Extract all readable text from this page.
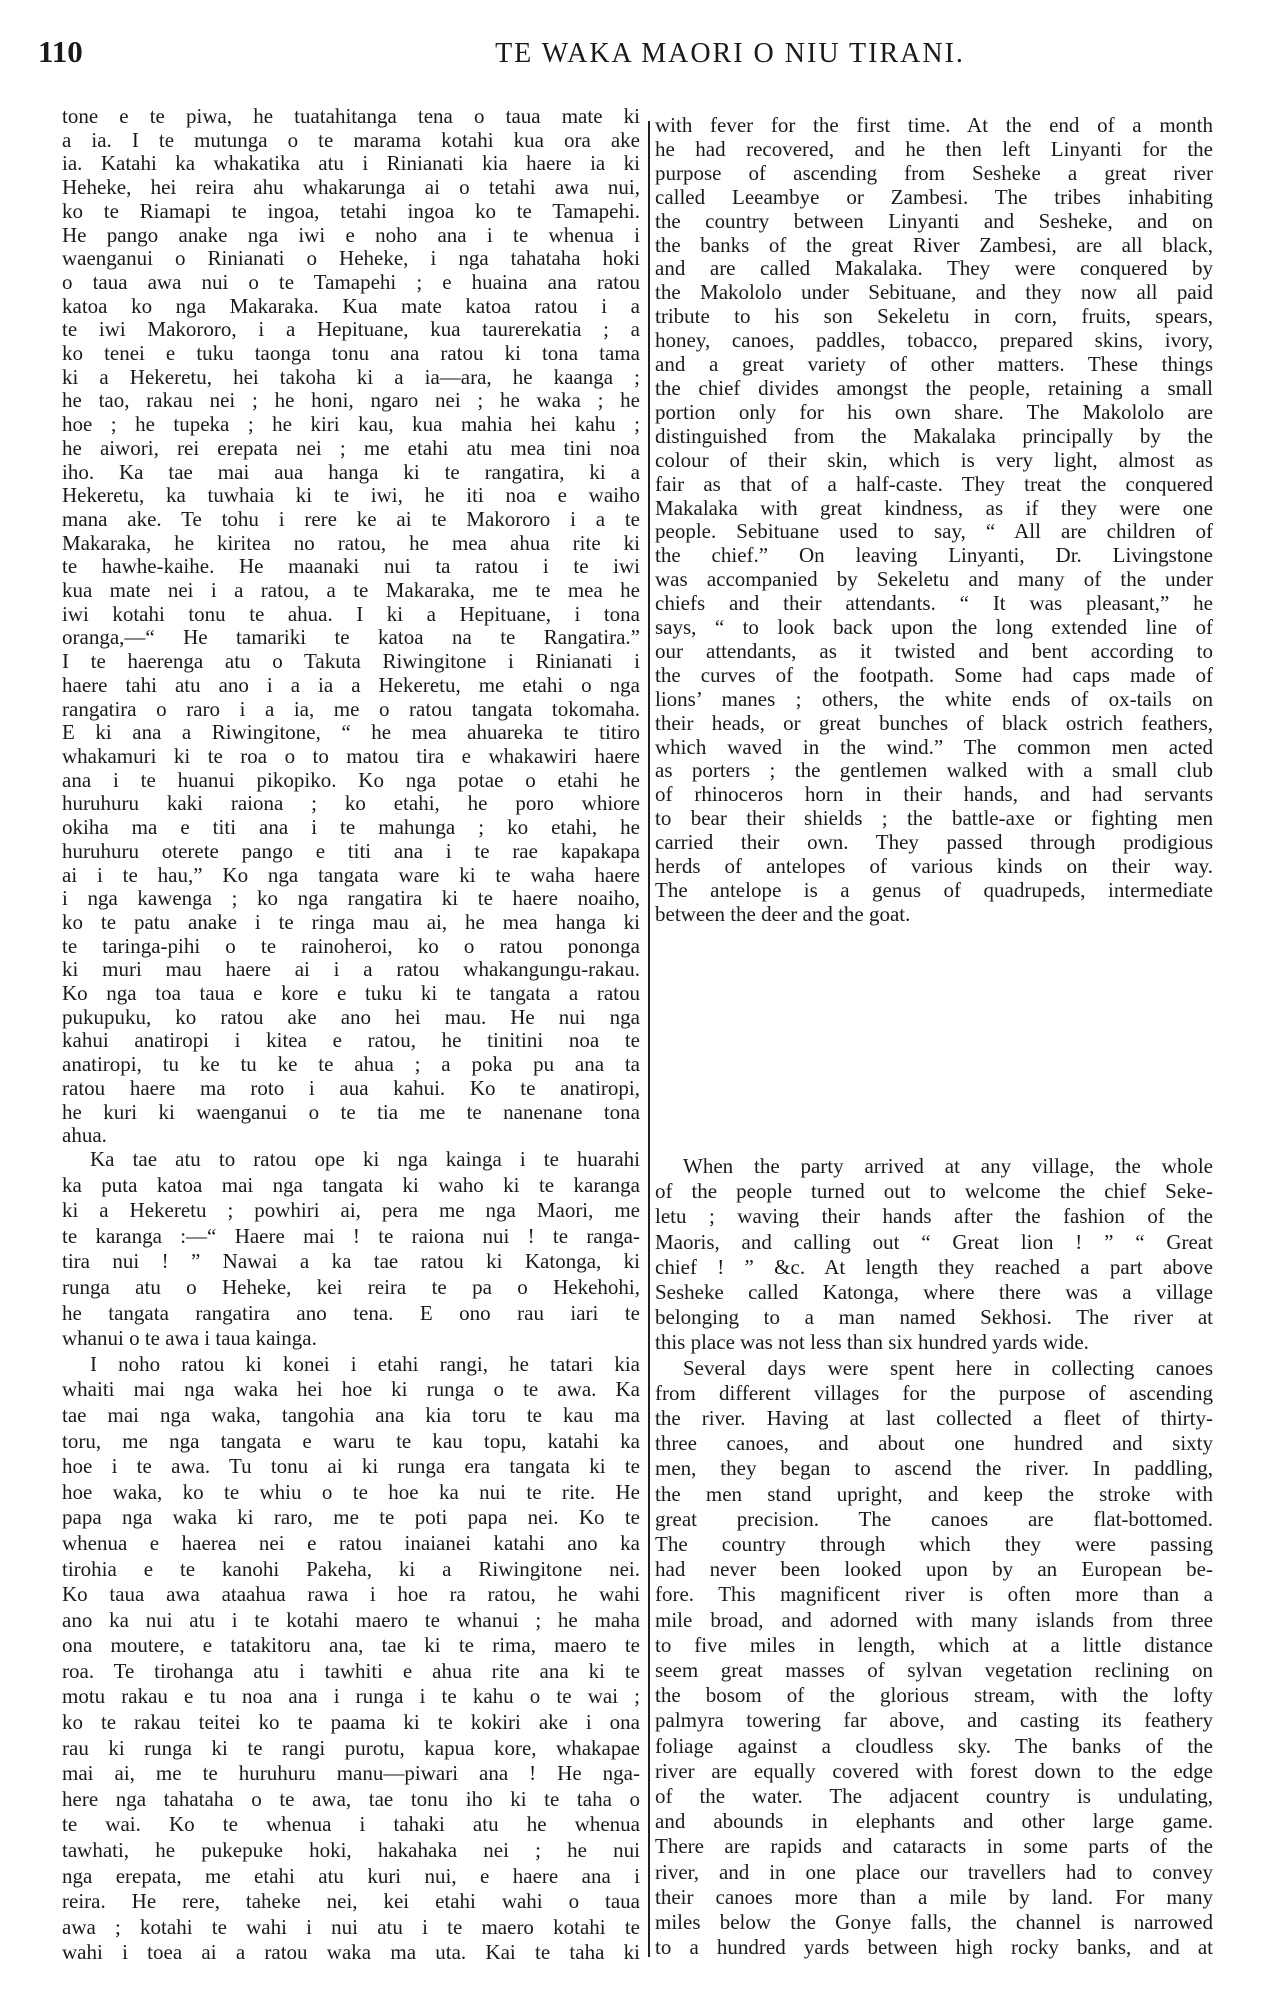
110	TE WAKA MAORI O NIU TIRANI.
tone e te piwa, he tuatahitanga tena o taua mate ki
a ia. I te mutunga o te marama kotahi kua ora ake
ia. Katahi ka whakatika atu i Rinianati kia haere ia ki
Heheke, hei reira ahu whakarunga ai o tetahi awa nui,
ko te Riamapi te ingoa, tetahi ingoa ko te Tamapehi.
He pango anake nga iwi e noho ana i te whenua i
waenganui o Rinianati o Heheke, i nga tahataha hoki
o taua awa nui o te Tamapehi ; e huaina ana ratou
katoa ko nga Makaraka. Kua mate katoa ratou i a
te iwi Makororo, i a Hepituane, kua taurerekatia ; a
ko tenei e tuku taonga tonu ana ratou ki tona tama
ki a Hekeretu, hei takoha ki a ia—ara, he kaanga ;
he tao, rakau nei ; he honi, ngaro nei ; he waka ; he
hoe ; he tupeka ; he kiri kau, kua mahia hei kahu ;
he aiwori, rei erepata nei ; me etahi atu mea tini noa
iho. Ka tae mai aua hanga ki te rangatira, ki a
Hekeretu, ka tuwhaia ki te iwi, he iti noa e waiho
mana ake. Te tohu i rere ke ai te Makororo i a te
Makaraka, he kiritea no ratou, he mea ahua rite ki
te hawhe-kaihe. He maanaki nui ta ratou i te iwi
kua mate nei i a ratou, a te Makaraka, me te mea he
iwi kotahi tonu te ahua. I ki a Hepituane, i tona
oranga,—“ He tamariki te katoa na te Rangatira.”
I te haerenga atu o Takuta Riwingitone i Rinianati i
haere tahi atu ano i a ia a Hekeretu, me etahi o nga
rangatira o raro i a ia, me o ratou tangata tokomaha.
E ki ana a Riwingitone, “ he mea ahuareka te titiro
whakamuri ki te roa o to matou tira e whakawiri haere
ana i te huanui pikopiko. Ko nga potae o etahi he
huruhuru kaki raiona ; ko etahi, he poro whiore
okiha ma e titi ana i te mahunga ; ko etahi, he
huruhuru oterete pango e titi ana i te rae kapakapa
ai i te hau,” Ko nga tangata ware ki te waha haere
i nga kawenga ; ko nga rangatira ki te haere noaiho,
ko te patu anake i te ringa mau ai, he mea hanga ki
te taringa-pihi o te rainoheroi, ko o ratou pononga
ki muri mau haere ai i a ratou whakangungu-rakau.
Ko nga toa taua e kore e tuku ki te tangata a ratou
pukupuku, ko ratou ake ano hei mau. He nui nga
kahui anatiropi i kitea e ratou, he tinitini noa te
anatiropi, tu ke tu ke te ahua ; a poka pu ana ta
ratou haere ma roto i aua kahui. Ko te anatiropi,
he kuri ki waenganui o te tia me te nanenane tona
ahua.
Ka tae atu to ratou ope ki nga kainga i te huarahi
ka puta katoa mai nga tangata ki waho ki te karanga
ki a Hekeretu ; powhiri ai, pera me nga Maori, me
te karanga :—“ Haere mai ! te raiona nui ! te ranga-
tira nui ! ” Nawai a ka tae ratou ki Katonga, ki
runga atu o Heheke, kei reira te pa o Hekehohi,
he tangata rangatira ano tena. E ono rau iari te
whanui o te awa i taua kainga.
I noho ratou ki konei i etahi rangi, he tatari kia
whaiti mai nga waka hei hoe ki runga o te awa. Ka
tae mai nga waka, tangohia ana kia toru te kau ma
toru, me nga tangata e waru te kau topu, katahi ka
hoe i te awa. Tu tonu ai ki runga era tangata ki te
hoe waka, ko te whiu o te hoe ka nui te rite. He
papa nga waka ki raro, me te poti papa nei. Ko te
whenua e haerea nei e ratou inaianei katahi ano ka
tirohia e te kanohi Pakeha, ki a Riwingitone nei.
Ko taua awa ataahua rawa i hoe ra ratou, he wahi
ano ka nui atu i te kotahi maero te whanui ; he maha
ona moutere, e tatakitoru ana, tae ki te rima, maero te
roa. Te tirohanga atu i tawhiti e ahua rite ana ki te
motu rakau e tu noa ana i runga i te kahu o te wai ;
ko te rakau teitei ko te paama ki te kokiri ake i ona
rau ki runga ki te rangi purotu, kapua kore, whakapae
mai ai, me te huruhuru manu—piwari ana ! He nga-
here nga tahataha o te awa, tae tonu iho ki te taha o
te wai. Ko te whenua i tahaki atu he whenua
tawhati, he pukepuke hoki, hakahaka nei ; he nui
nga erepata, me etahi atu kuri nui, e haere ana i
reira. He rere, taheke nei, kei etahi wahi o taua
awa ; kotahi te wahi i nui atu i te maero kotahi te
wahi i toea ai a ratou waka ma uta. Kai te taha ki
with fever for the first time. At the end of a month
he had recovered, and he then left Linyanti for the
purpose of ascending from Sesheke a great river
called Leeambye or Zambesi. The tribes inhabiting
the country between Linyanti and Sesheke, and on
the banks of the great River Zambesi, are all black,
and are called Makalaka. They were conquered by
the Makololo under Sebituane, and they now all paid
tribute to his son Sekeletu in corn, fruits, spears,
honey, canoes, paddles, tobacco, prepared skins, ivory,
and a great variety of other matters. These things
the chief divides amongst the people, retaining a small
portion only for his own share. The Makololo are
distinguished from the Makalaka principally by the
colour of their skin, which is very light, almost as
fair as that of a half-caste. They treat the conquered
Makalaka with great kindness, as if they were one
people. Sebituane used to say, “ All are children of
the chief.” On leaving Linyanti, Dr. Livingstone
was accompanied by Sekeletu and many of the under
chiefs and their attendants. “ It was pleasant,” he
says, “ to look back upon the long extended line of
our attendants, as it twisted and bent according to
the curves of the footpath. Some had caps made of
lions’ manes ; others, the white ends of ox-tails on
their heads, or great bunches of black ostrich feathers,
which waved in the wind.” The common men acted
as porters ; the gentlemen walked with a small club
of rhinoceros horn in their hands, and had servants
to bear their shields ; the battle-axe or fighting men
carried their own. They passed through prodigious
herds of antelopes of various kinds on their way.
The antelope is a genus of quadrupeds, intermediate
between the deer and the goat.
When the party arrived at any village, the whole
of the people turned out to welcome the chief Seke-
letu ; waving their hands after the fashion of the
Maoris, and calling out “ Great lion ! ” “ Great
chief ! ” &c. At length they reached a part above
Sesheke called Katonga, where there was a village
belonging to a man named Sekhosi. The river at
this place was not less than six hundred yards wide.
Several days were spent here in collecting canoes
from different villages for the purpose of ascending
the river. Having at last collected a fleet of thirty-
three canoes, and about one hundred and sixty
men, they began to ascend the river. In paddling,
the men stand upright, and keep the stroke with
great precision. The canoes are flat-bottomed.
The country through which they were passing
had never been looked upon by an European be-
fore. This magnificent river is often more than a
mile broad, and adorned with many islands from three
to five miles in length, which at a little distance
seem great masses of sylvan vegetation reclining on
the bosom of the glorious stream, with the lofty
palmyra towering far above, and casting its feathery
foliage against a cloudless sky. The banks of the
river are equally covered with forest down to the edge
of the water. The adjacent country is undulating,
and abounds in elephants and other large game.
There are rapids and cataracts in some parts of the
river, and in one place our travellers had to convey
their canoes more than a mile by land. For many
miles below the Gonye falls, the channel is narrowed
to a hundred yards between high rocky banks, and at
